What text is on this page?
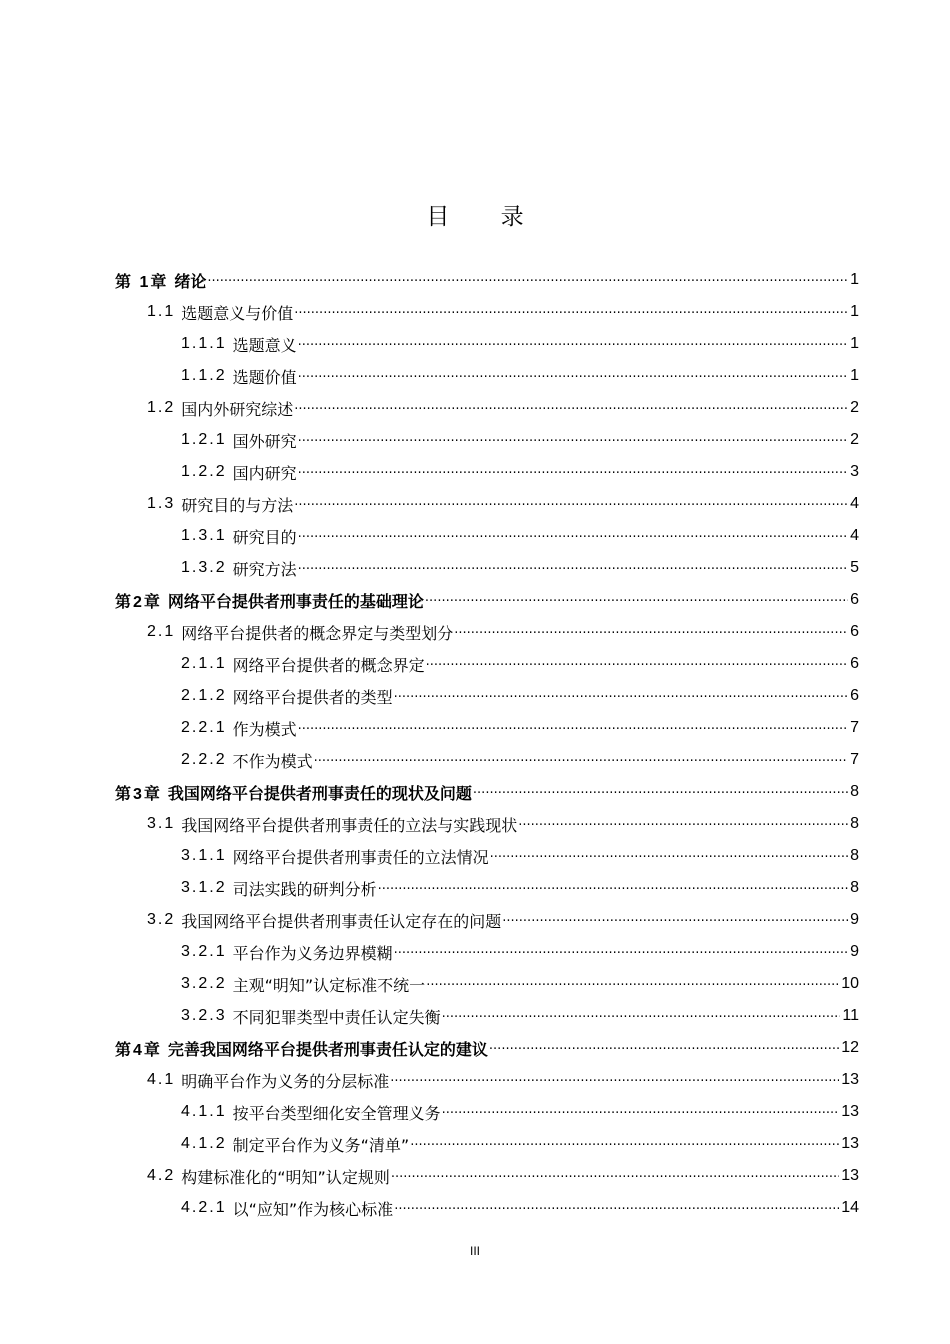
目 录
第 1章 绪论 ·····	1
1.1 选题意义与价值 ·····	1
1.1.1 选题意义 ·····	1
1.1.2 选题价值 ·····	1
1.2 国内外研究综述 ·····	2
1.2.1 国外研究 ·····	2
1.2.2 国内研究 ·····	3
1.3 研究目的与方法 ·····	4
1.3.1 研究目的 ·····	4
1.3.2 研究方法 ·····	5
第2章 网络平台提供者刑事责任的基础理论 ·····	6
2.1 网络平台提供者的概念界定与类型划分 ·····	6
2.1.1 网络平台提供者的概念界定 ·····	6
2.1.2 网络平台提供者的类型 ·····	6
2.2.1 作为模式 ·····	7
2.2.2 不作为模式 ·····	7
第3章 我国网络平台提供者刑事责任的现状及问题 ·····	8
3.1 我国网络平台提供者刑事责任的立法与实践现状 ·····	8
3.1.1 网络平台提供者刑事责任的立法情况 ·····	8
3.1.2 司法实践的研判分析 ·····	8
3.2 我国网络平台提供者刑事责任认定存在的问题 ·····	9
3.2.1 平台作为义务边界模糊 ·····	9
3.2.2 主观“明知”认定标准不统一 ·····	10
3.2.3 不同犯罪类型中责任认定失衡 ·····	11
第4章 完善我国网络平台提供者刑事责任认定的建议 ·····	12
4.1 明确平台作为义务的分层标准 ·····	13
4.1.1 按平台类型细化安全管理义务 ·····	13
4.1.2 制定平台作为义务“清单” ·····	13
4.2 构建标准化的“明知”认定规则 ·····	13
4.2.1 以“应知”作为核心标准 ·····	14
III
